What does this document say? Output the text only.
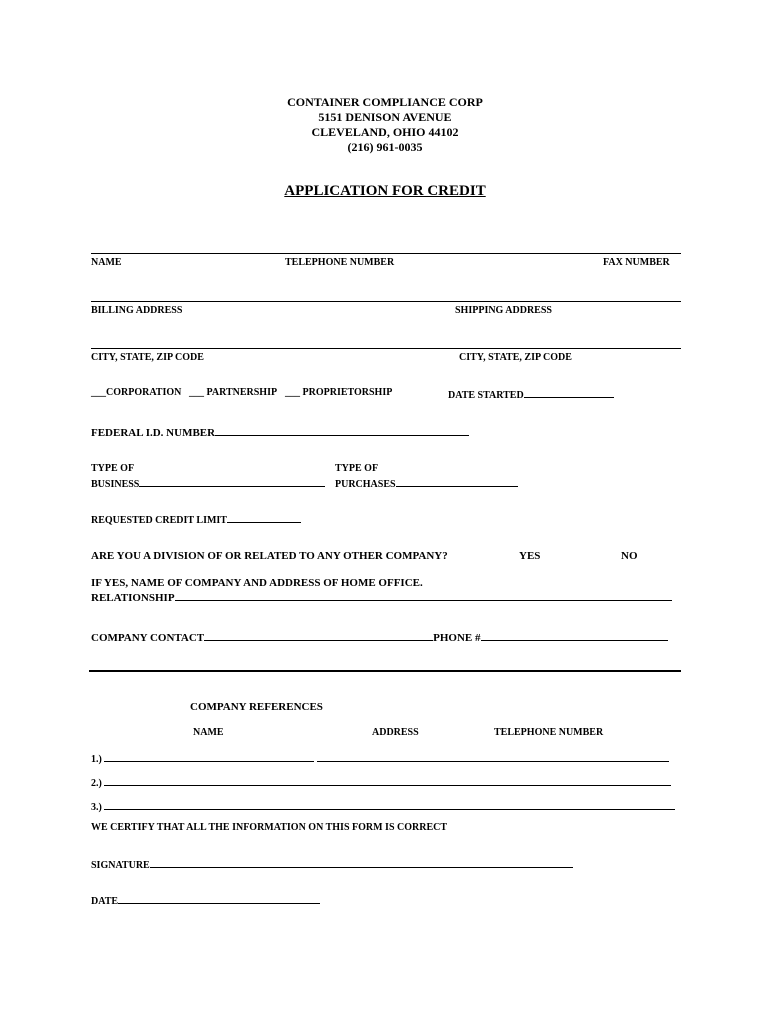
CONTAINER COMPLIANCE CORP
5151 DENISON AVENUE
CLEVELAND, OHIO 44102
(216) 961-0035
APPLICATION FOR CREDIT
NAME	TELEPHONE NUMBER	FAX NUMBER
BILLING ADDRESS	SHIPPING ADDRESS
CITY, STATE, ZIP CODE	CITY, STATE, ZIP CODE
___CORPORATION ___ PARTNERSHIP ___ PROPRIETORSHIP	DATE STARTED
FEDERAL I.D. NUMBER
TYPE OF
BUSINESS
TYPE OF
PURCHASES
REQUESTED CREDIT LIMIT
ARE YOU A DIVISION OF OR RELATED TO ANY OTHER COMPANY?	YES	NO
IF YES, NAME OF COMPANY AND ADDRESS OF HOME OFFICE.
RELATIONSHIP
COMPANY CONTACT	PHONE #
COMPANY REFERENCES
NAME	ADDRESS	TELEPHONE NUMBER
1.)
2.)
3.)
WE CERTIFY THAT ALL THE INFORMATION ON THIS FORM IS CORRECT
SIGNATURE
DATE
